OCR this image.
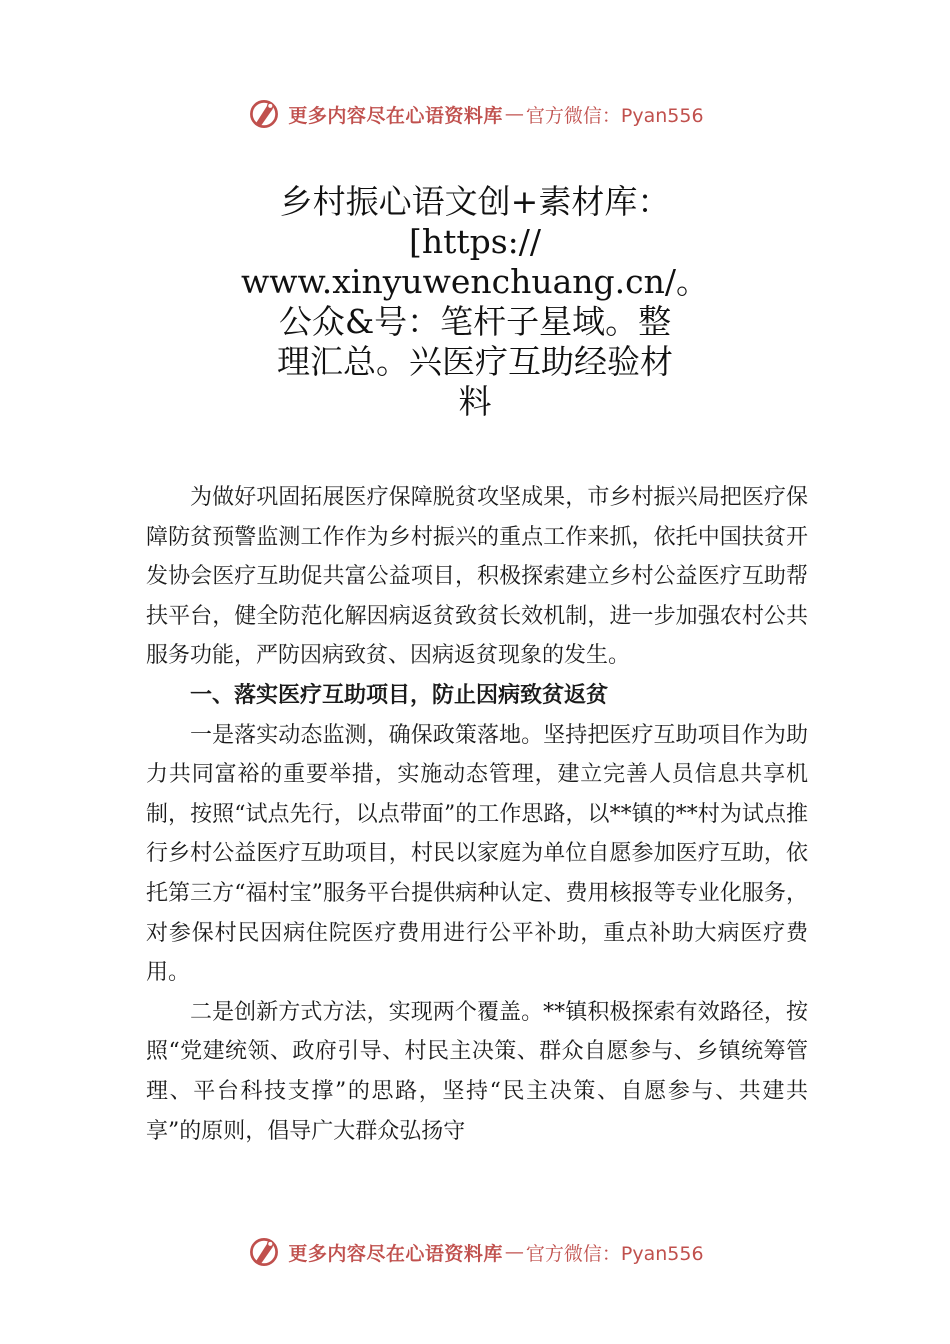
更多内容尽在心语资料库 — 官方微信：Pyan556
乡村振心语文创+素材库：
[https://
www.xinyuwenchuang.cn/。
公众&号：笔杆子星域。整
理汇总。兴医疗互助经验材
料

为做好巩固拓展医疗保障脱贫攻坚成果，市乡村振兴局把医疗保障防贫预警监测工作作为乡村振兴的重点工作来抓，依托中国扶贫开发协会医疗互助促共富公益项目，积极探索建立乡村公益医疗互助帮扶平台，健全防范化解因病返贫致贫长效机制，进一步加强农村公共服务功能，严防因病致贫、因病返贫现象的发生。

一、落实医疗互助项目，防止因病致贫返贫

一是落实动态监测，确保政策落地。坚持把医疗互助项目作为助力共同富裕的重要举措，实施动态管理，建立完善人员信息共享机制，按照“试点先行，以点带面”的工作思路，以**镇的**村为试点推行乡村公益医疗互助项目，村民以家庭为单位自愿参加医疗互助，依托第三方“福村宝”服务平台提供病种认定、费用核报等专业化服务，对参保村民因病住院医疗费用进行公平补助，重点补助大病医疗费用。

二是创新方式方法，实现两个覆盖。**镇积极探索有效路径，按照“党建统领、政府引导、村民主决策、群众自愿参与、乡镇统筹管理、平台科技支撑”的思路，坚持“民主决策、自愿参与、共建共享”的原则，倡导广大群众弘扬守

更多内容尽在心语资料库 — 官方微信：Pyan556
